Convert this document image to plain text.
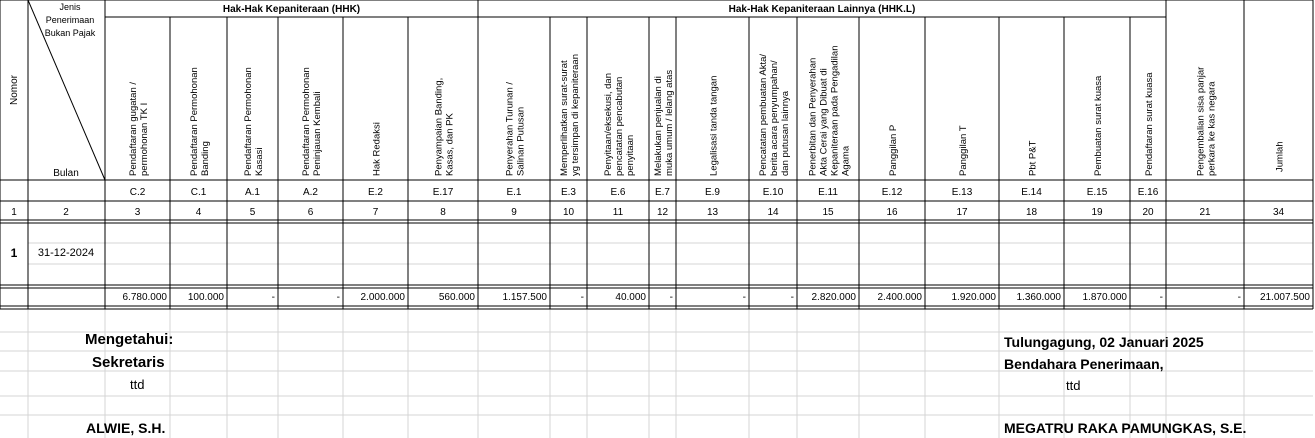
Hak-Hak Kepaniteraan (HHK)	Hak-Hak Kepaniteraan Lainnya (HHK.L)
Nomor
Jenis
Penerimaan
Bukan Pajak
Bulan
1	2
1 31-12-2024
Pendaftaran gugatan / permohonan TK I
C.2
3
6.780.000
Pendaftaran Permohonan Banding
C.1
4
100.000
Pendaftaran Permohonan Kasasi
A.1
5
-
Pendaftaran Permohonan Peninjauan Kembali
A.2
6
-
Hak Redaksi
E.2
7
2.000.000
Penyampaian Banding, Kasas, dan PK
E.17
8
560.000
Penyerahan Turunan / Salinan Putusan
E.1
9
1.157.500
Memperlihatkan surat-surat yg tersimpan di kepaniteraan
E.3
10
-
Penyitaan/eksekusi, dan pencatatan pencabutan penyitaan
E.6
11
40.000
Melakukan penjualan di muka umum / lelang atas
E.7
12
-
Legalisasi tanda tangan
E.9
13
-
Pencatatan pembuatan Akta/ berita acara penyumpahan/ dan putusan lainnya
E.10
14
-
Penerbitan dan Penyerahan Akta Cerai yang Dibuat di Kepaniteraan pada Pengadilan Agama
E.11
15
2.820.000
Panggilan P
E.12
16
2.400.000
Panggilan T
E.13
17
1.920.000
Pbt P&T
E.14
18
1.360.000
Pembuatan surat kuasa
E.15
19
1.870.000
Pendaftaran surat kuasa
E.16
20
-
Pengembalian sisa panjar perkara ke kas negara
21
-
Jumlah
34
21.007.500
Mengetahui:
Sekretaris
ttd
ALWIE, S.H.
Tulungagung, 02 Januari 2025
Bendahara Penerimaan,
ttd
MEGATRU RAKA PAMUNGKAS, S.E.
